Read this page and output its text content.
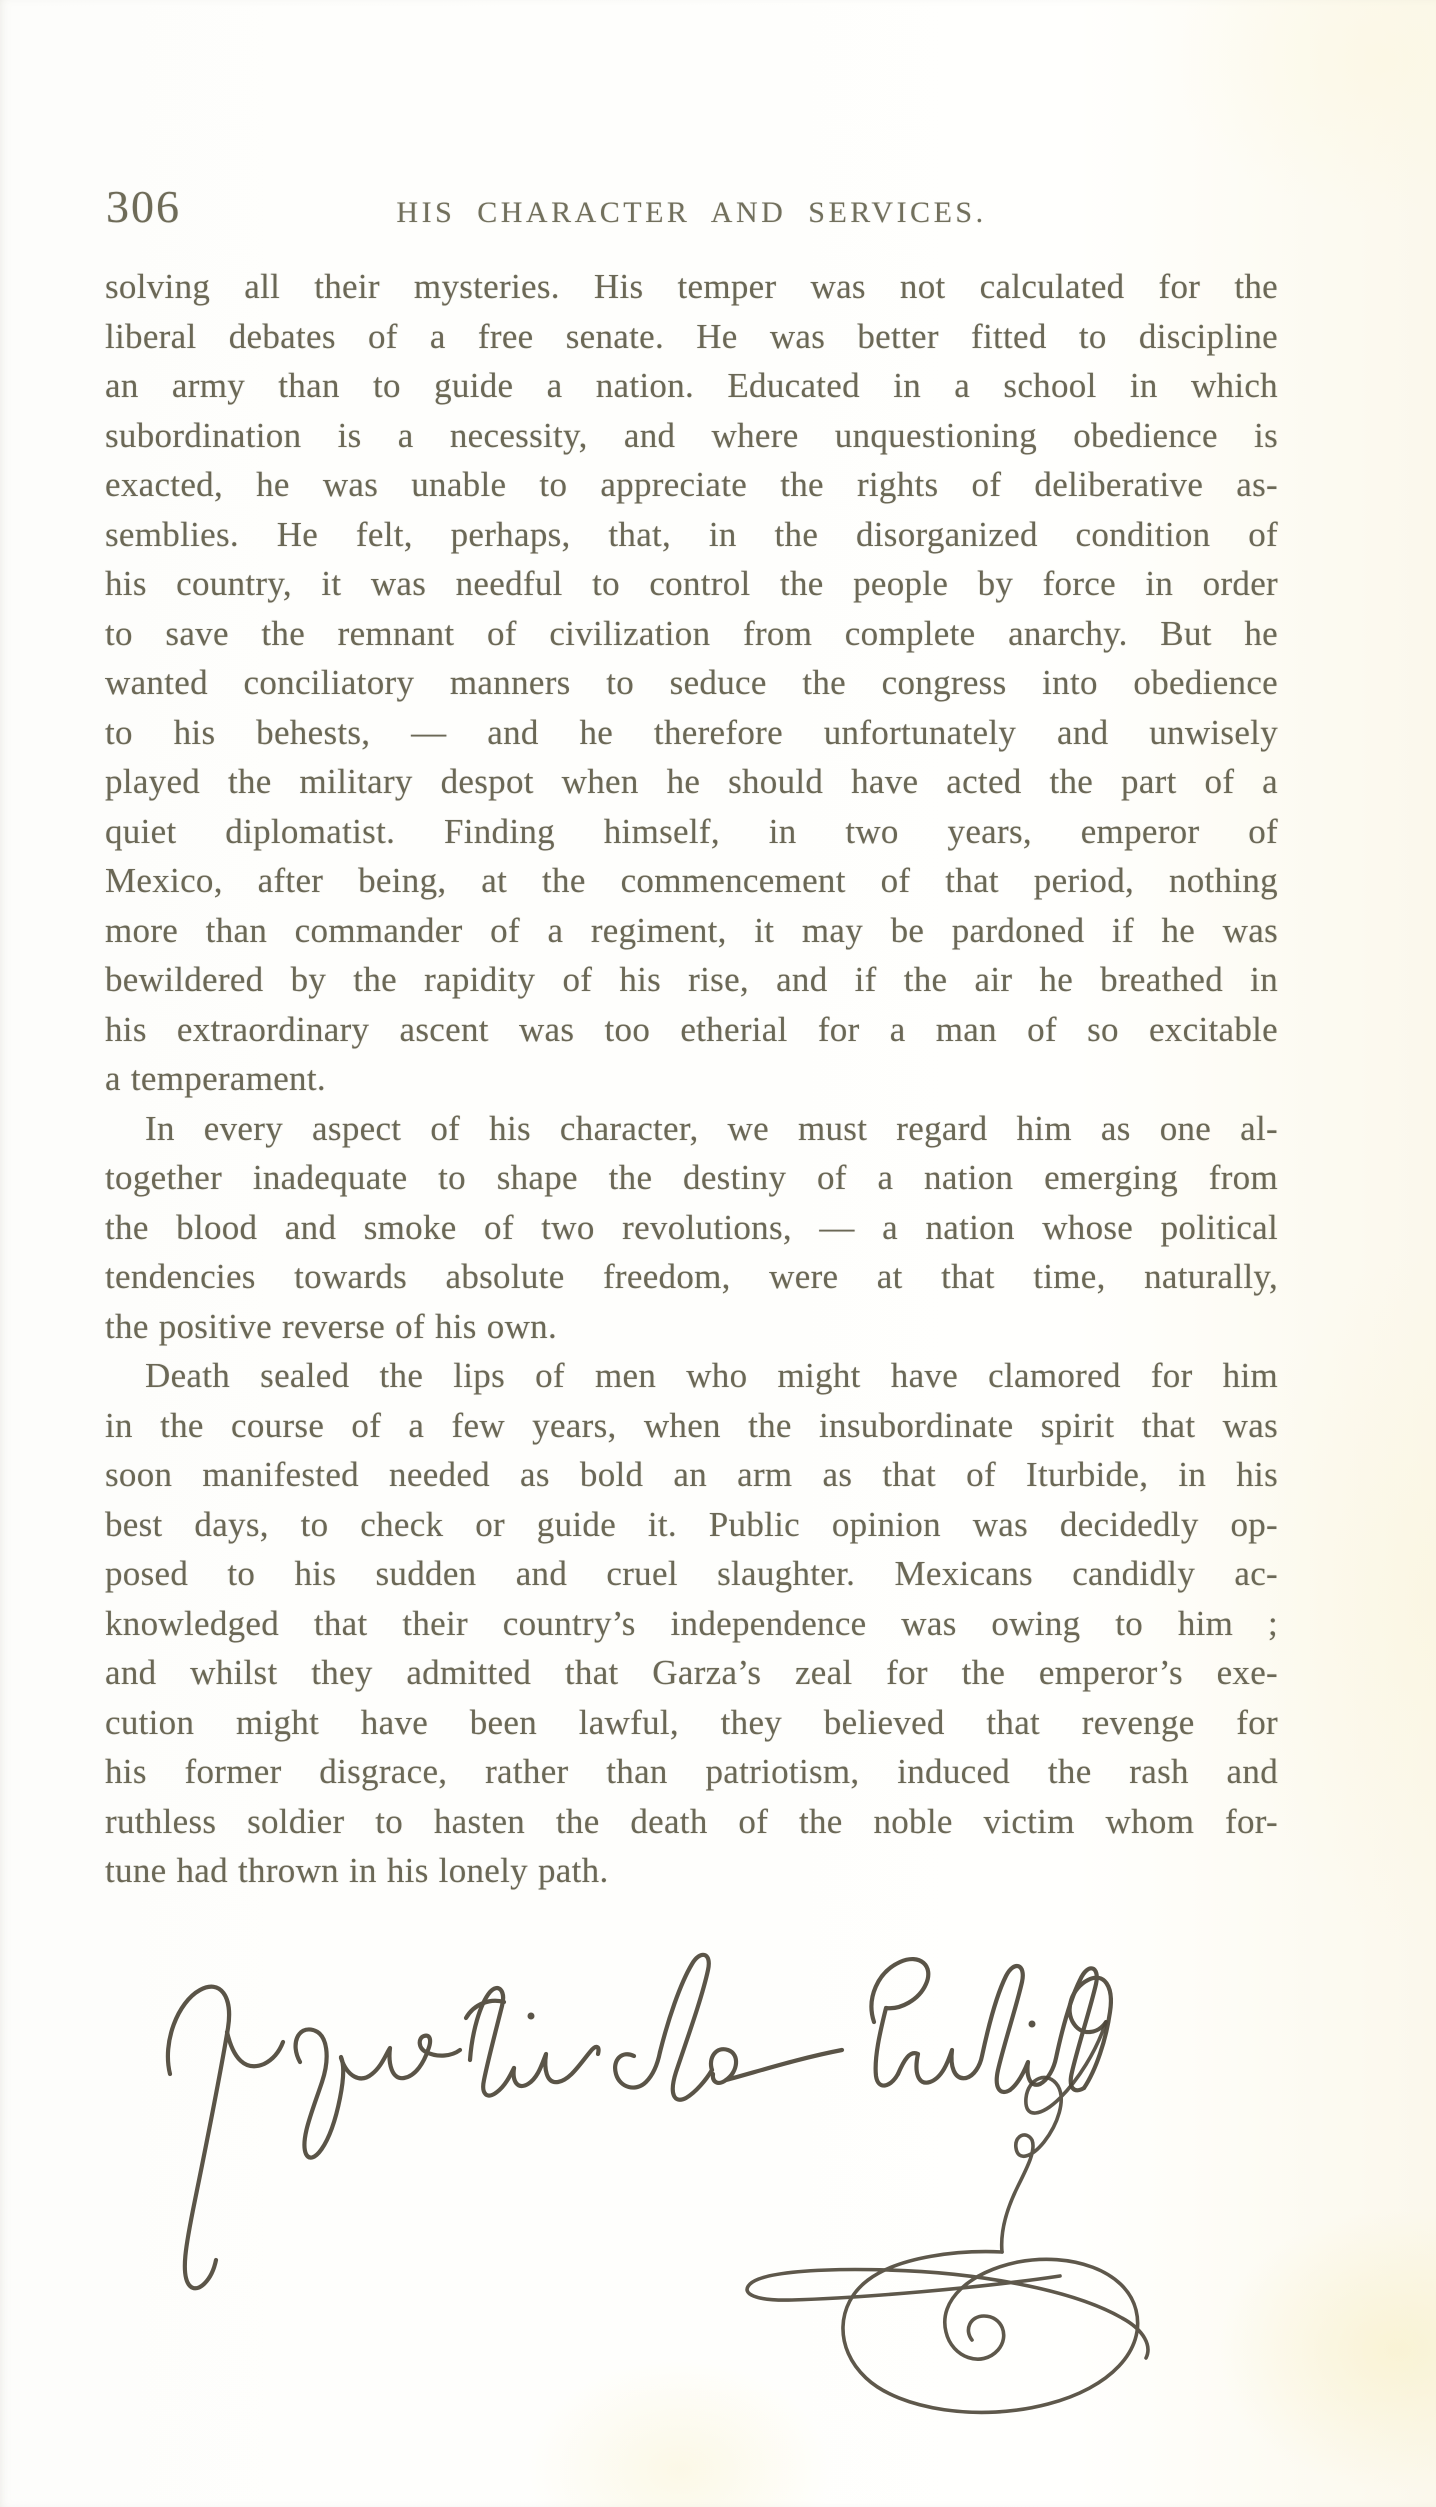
306	HIS CHARACTER AND SERVICES.
solving all their mysteries. His temper was not calculated for the
liberal debates of a free senate. He was better fitted to discipline
an army than to guide a nation. Educated in a school in which
subordination is a necessity, and where unquestioning obedience is
exacted, he was unable to appreciate the rights of deliberative as-
semblies. He felt, perhaps, that, in the disorganized condition of
his country, it was needful to control the people by force in order
to save the remnant of civilization from complete anarchy. But he
wanted conciliatory manners to seduce the congress into obedience
to his behests, — and he therefore unfortunately and unwisely
played the military despot when he should have acted the part of a
quiet diplomatist. Finding himself, in two years, emperor of
Mexico, after being, at the commencement of that period, nothing
more than commander of a regiment, it may be pardoned if he was
bewildered by the rapidity of his rise, and if the air he breathed in
his extraordinary ascent was too etherial for a man of so excitable
a temperament.
In every aspect of his character, we must regard him as one al-
together inadequate to shape the destiny of a nation emerging from
the blood and smoke of two revolutions, — a nation whose political
tendencies towards absolute freedom, were at that time, naturally,
the positive reverse of his own.
Death sealed the lips of men who might have clamored for him
in the course of a few years, when the insubordinate spirit that was
soon manifested needed as bold an arm as that of Iturbide, in his
best days, to check or guide it. Public opinion was decidedly op-
posed to his sudden and cruel slaughter. Mexicans candidly ac-
knowledged that their country’s independence was owing to him ;
and whilst they admitted that Garza’s zeal for the emperor’s exe-
cution might have been lawful, they believed that revenge for
his former disgrace, rather than patriotism, induced the rash and
ruthless soldier to hasten the death of the noble victim whom for-
tune had thrown in his lonely path.
